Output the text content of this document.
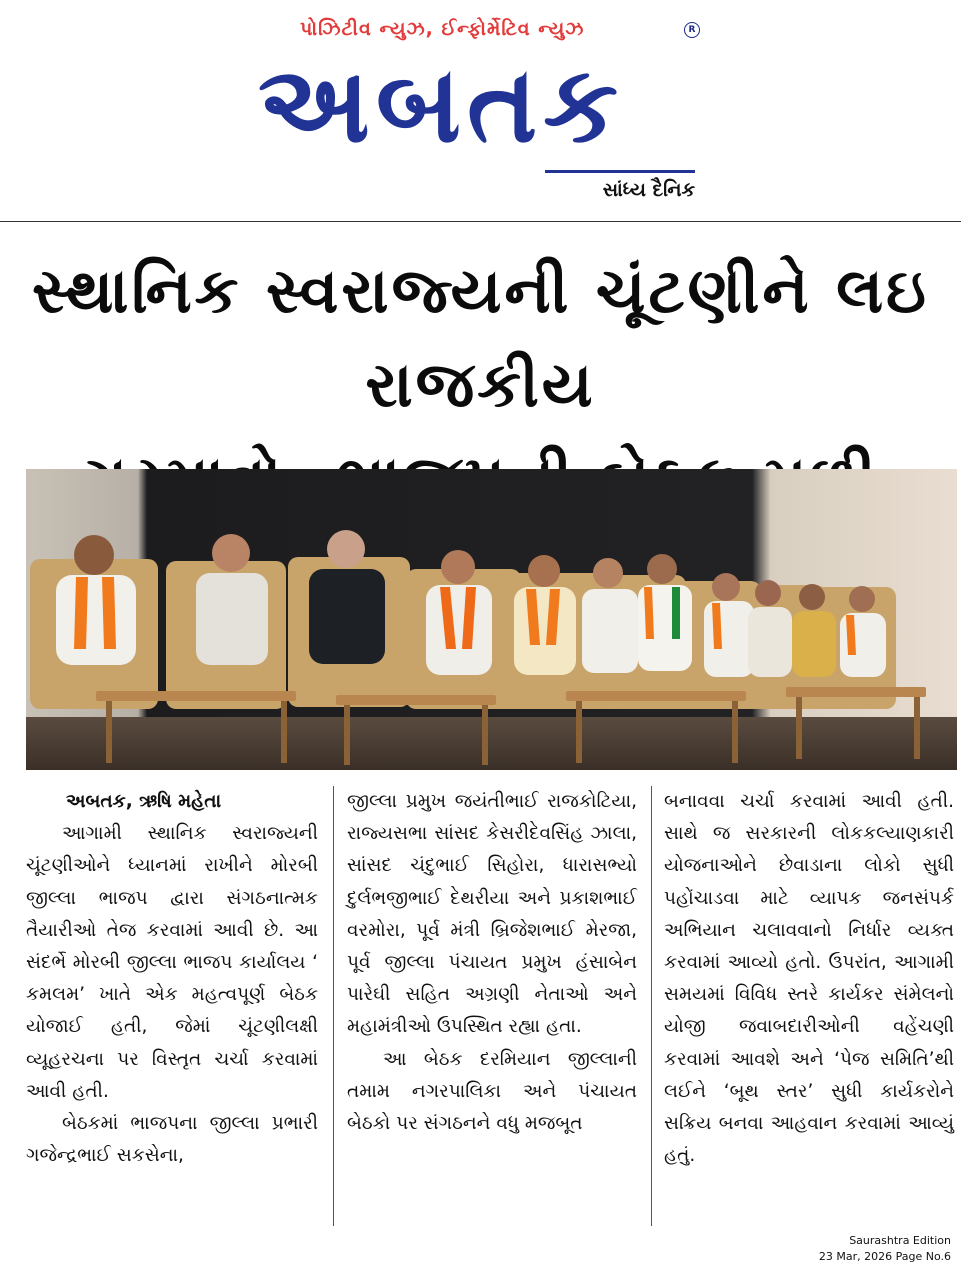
પોઝિટીવ ન્યુઝ, ઈન્ફોર્મેટિવ ન્યુઝ	R
અબતક
સાંધ્ય દૈનિક
સ્થાનિક સ્વરાજ્યની ચૂંટણીને લઇ રાજકીય
અબતક, ઋષિ મહેતા

આગામી સ્થાનિક સ્વરાજ્યની ચૂંટણીઓને ધ્યાનમાં રાખીને મોરબી જીલ્લા ભાજપ દ્વારા સંગઠનાત્મક તૈયારીઓ તેજ કરવામાં આવી છે. આ સંદર્ભે મોરબી જીલ્લા ભાજપ કાર્યાલય ‘ કમલમ’ ખાતે એક મહત્વપૂર્ણ બેઠક યોજાઈ હતી, જેમાં ચૂંટણીલક્ષી વ્યૂહરચના પર વિસ્તૃત ચર્ચા કરવામાં આવી હતી.

બેઠકમાં ભાજપના જીલ્લા પ્રભારી ગજેન્દ્રભાઈ સકસેના,

જીલ્લા પ્રમુખ જયંતીભાઈ રાજકોટિયા, રાજ્યસભા સાંસદ કેસરીદેવસિંહ ઝાલા, સાંસદ ચંદુભાઈ સિહોરા, ધારાસભ્યો દુર્લભજીભાઈ દેથરીયા અને પ્રકાશભાઈ વરમોરા, પૂર્વ મંત્રી બ્રિજેશભાઈ મેરજા, પૂર્વ જીલ્લા પંચાયત પ્રમુખ હંસાબેન પારેઘી સહિત અગ્રણી નેતાઓ અને મહામંત્રીઓ ઉપસ્થિત રહ્યા હતા.

આ બેઠક દરમિયાન જીલ્લાની તમામ નગરપાલિકા અને પંચાયત બેઠકો પર સંગઠનને વધુ મજબૂત

બનાવવા ચર્ચા કરવામાં આવી હતી. સાથે જ સરકારની લોકકલ્યાણકારી યોજનાઓને છેવાડાના લોકો સુધી પહોંચાડવા માટે વ્યાપક જનસંપર્ક અભિયાન ચલાવવાનો નિર્ધાર વ્યક્ત કરવામાં આવ્યો હતો. ઉપરાંત, આગામી સમયમાં વિવિધ સ્તરે કાર્યકર સંમેલનો યોજી જવાબદારીઓની વહેંચણી કરવામાં આવશે અને ‘પેજ સમિતિ’થી લઈને ‘બૂથ સ્તર’ સુધી કાર્યકરોને સક્રિય બનવા આહવાન કરવામાં આવ્યું હતું.

Saurashtra Edition
23 Mar, 2026 Page No.6
